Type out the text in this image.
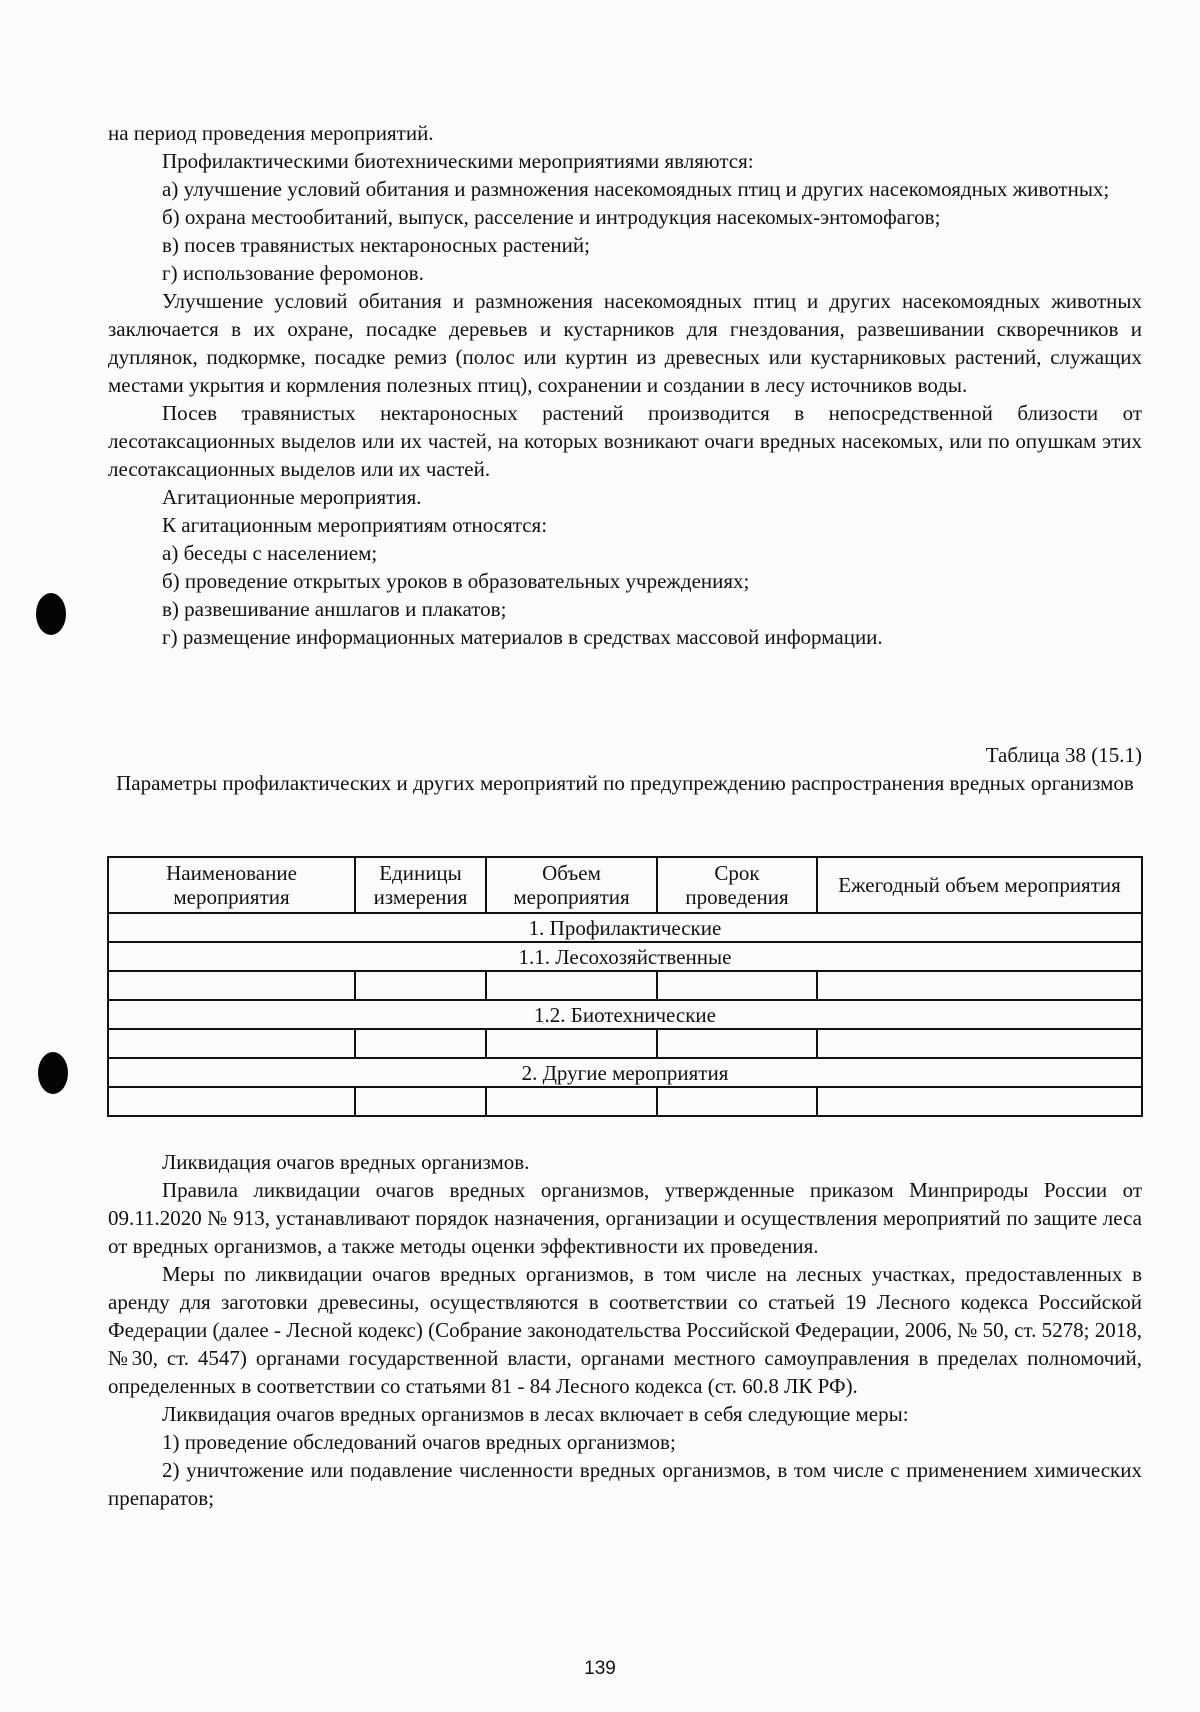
на период проведения мероприятий.

Профилактическими биотехническими мероприятиями являются:

а) улучшение условий обитания и размножения насекомоядных птиц и других насекомоядных животных;

б) охрана местообитаний, выпуск, расселение и интродукция насекомых-энтомофагов;

в) посев травянистых нектароносных растений;

г) использование феромонов.

Улучшение условий обитания и размножения насекомоядных птиц и других насекомоядных животных заключается в их охране, посадке деревьев и кустарников для гнездования, развешивании скворечников и дуплянок, подкормке, посадке ремиз (полос или куртин из древесных или кустарниковых растений, служащих местами укрытия и кормления полезных птиц), сохранении и создании в лесу источников воды.

Посев травянистых нектароносных растений производится в непосредственной близости от лесотаксационных выделов или их частей, на которых возникают очаги вредных насекомых, или по опушкам этих лесотаксационных выделов или их частей.

Агитационные мероприятия.

К агитационным мероприятиям относятся:

а) беседы с населением;

б) проведение открытых уроков в образовательных учреждениях;

в) развешивание аншлагов и плакатов;

г) размещение информационных материалов в средствах массовой информации.

Таблица 38 (15.1)
Параметры профилактических и других мероприятий по предупреждению распространения вредных организмов
Наименование мероприятия	Единицы измерения	Объем мероприятия	Срок проведения	Ежегодный объем мероприятия
1. Профилактические				
1.1. Лесохозяйственные				

1.2. Биотехнические				

2. Другие мероприятия				

Ликвидация очагов вредных организмов.

Правила ликвидации очагов вредных организмов, утвержденные приказом Минприроды России от 09.11.2020 № 913, устанавливают порядок назначения, организации и осуществления мероприятий по защите леса от вредных организмов, а также методы оценки эффективности их проведения.

Меры по ликвидации очагов вредных организмов, в том числе на лесных участках, предоставленных в аренду для заготовки древесины, осуществляются в соответствии со статьей 19 Лесного кодекса Российской Федерации (далее - Лесной кодекс) (Собрание законодательства Российской Федерации, 2006, № 50, ст. 5278; 2018, №30, ст. 4547) органами государственной власти, органами местного самоуправления в пределах полномочий, определенных в соответствии со статьями 81 - 84 Лесного кодекса (ст. 60.8 ЛК РФ).

Ликвидация очагов вредных организмов в лесах включает в себя следующие меры:

1) проведение обследований очагов вредных организмов;

2) уничтожение или подавление численности вредных организмов, в том числе с применением химических препаратов;

139
